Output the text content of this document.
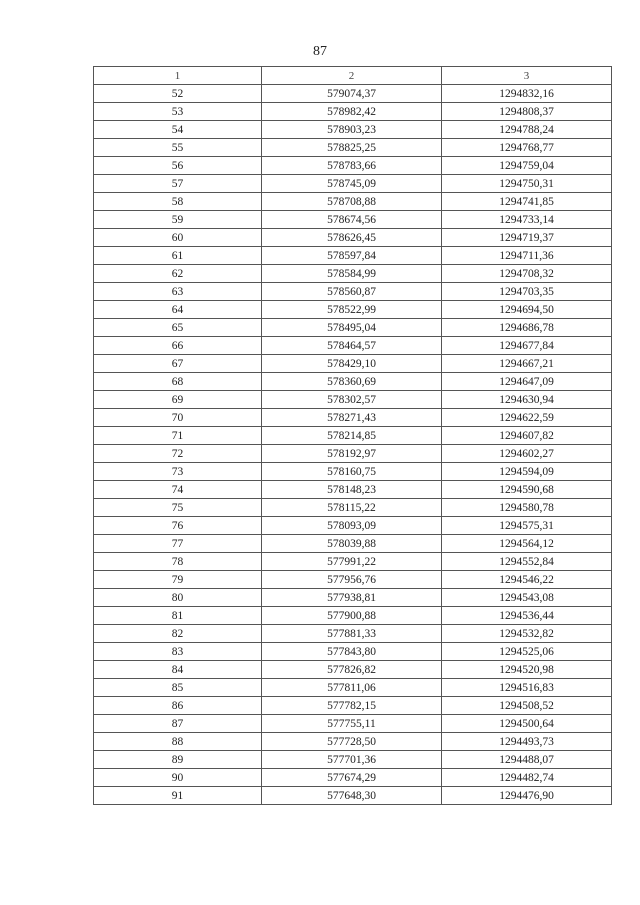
87
1	2	3
52	579074,37	1294832,16
53	578982,42	1294808,37
54	578903,23	1294788,24
55	578825,25	1294768,77
56	578783,66	1294759,04
57	578745,09	1294750,31
58	578708,88	1294741,85
59	578674,56	1294733,14
60	578626,45	1294719,37
61	578597,84	1294711,36
62	578584,99	1294708,32
63	578560,87	1294703,35
64	578522,99	1294694,50
65	578495,04	1294686,78
66	578464,57	1294677,84
67	578429,10	1294667,21
68	578360,69	1294647,09
69	578302,57	1294630,94
70	578271,43	1294622,59
71	578214,85	1294607,82
72	578192,97	1294602,27
73	578160,75	1294594,09
74	578148,23	1294590,68
75	578115,22	1294580,78
76	578093,09	1294575,31
77	578039,88	1294564,12
78	577991,22	1294552,84
79	577956,76	1294546,22
80	577938,81	1294543,08
81	577900,88	1294536,44
82	577881,33	1294532,82
83	577843,80	1294525,06
84	577826,82	1294520,98
85	577811,06	1294516,83
86	577782,15	1294508,52
87	577755,11	1294500,64
88	577728,50	1294493,73
89	577701,36	1294488,07
90	577674,29	1294482,74
91	577648,30	1294476,90
